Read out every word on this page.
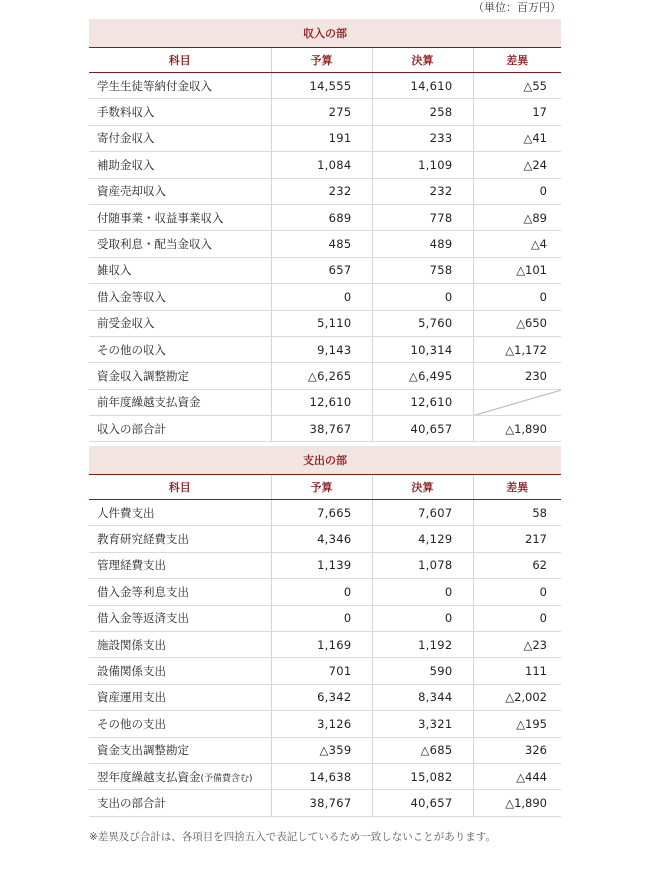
（単位：百万円）
収入の部			
科目	予算	決算	差異
学生生徒等納付金収入	14,555	14,610	△55
手数料収入	275	258	17
寄付金収入	191	233	△41
補助金収入	1,084	1,109	△24
資産売却収入	232	232	0
付随事業・収益事業収入	689	778	△89
受取利息・配当金収入	485	489	△4
雑収入	657	758	△101
借入金等収入	0	0	0
前受金収入	5,110	5,760	△650
その他の収入	9,143	10,314	△1,172
資金収入調整勘定	△6,265	△6,495	230
前年度繰越支払資金	12,610	12,610	

収入の部合計	38,767	40,657	△1,890
支出の部			
科目	予算	決算	差異
人件費支出	7,665	7,607	58
教育研究経費支出	4,346	4,129	217
管理経費支出	1,139	1,078	62
借入金等利息支出	0	0	0
借入金等返済支出	0	0	0
施設関係支出	1,169	1,192	△23
設備関係支出	701	590	111
資産運用支出	6,342	8,344	△2,002
その他の支出	3,126	3,321	△195
資金支出調整勘定	△359	△685	326
翌年度繰越支払資金(予備費含む)	14,638	15,082	△444
支出の部合計	38,767	40,657	△1,890
※差異及び合計は、各項目を四捨五入で表記しているため一致しないことがあります。
